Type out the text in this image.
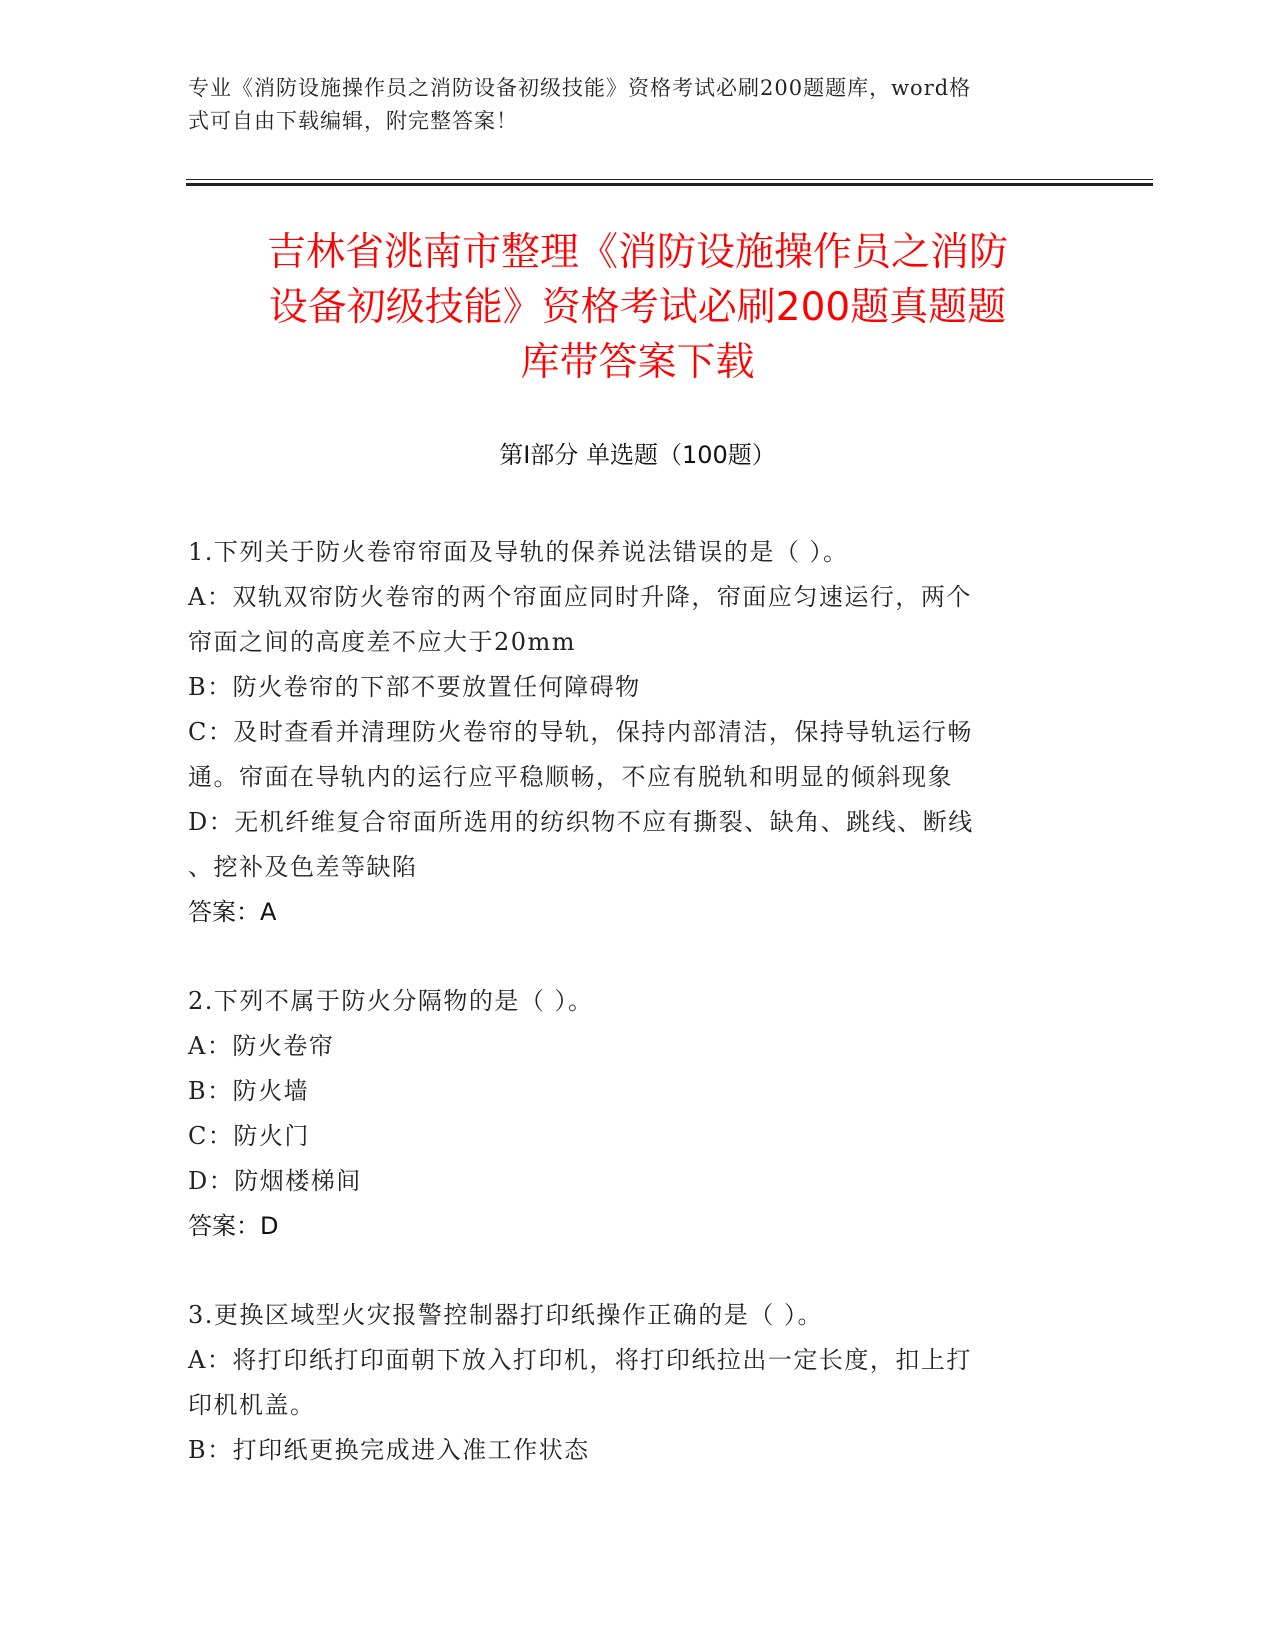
专业《消防设施操作员之消防设备初级技能》资格考试必刷200题题库，word格
式可自由下载编辑，附完整答案！
吉林省洮南市整理《消防设施操作员之消防
设备初级技能》资格考试必刷200题真题题
库带答案下载
第Ⅰ部分 单选题（100题）
1.下列关于防火卷帘帘面及导轨的保养说法错误的是（ ）。
A：双轨双帘防火卷帘的两个帘面应同时升降，帘面应匀速运行，两个
帘面之间的高度差不应大于20mm
B：防火卷帘的下部不要放置任何障碍物
C：及时查看并清理防火卷帘的导轨，保持内部清洁，保持导轨运行畅
通。帘面在导轨内的运行应平稳顺畅，不应有脱轨和明显的倾斜现象
D：无机纤维复合帘面所选用的纺织物不应有撕裂、缺角、跳线、断线
、挖补及色差等缺陷
答案：A
2.下列不属于防火分隔物的是（ ）。
A：防火卷帘
B：防火墙
C：防火门
D：防烟楼梯间
答案：D
3.更换区域型火灾报警控制器打印纸操作正确的是（ ）。
A：将打印纸打印面朝下放入打印机，将打印纸拉出一定长度，扣上打
印机机盖。
B：打印纸更换完成进入准工作状态
